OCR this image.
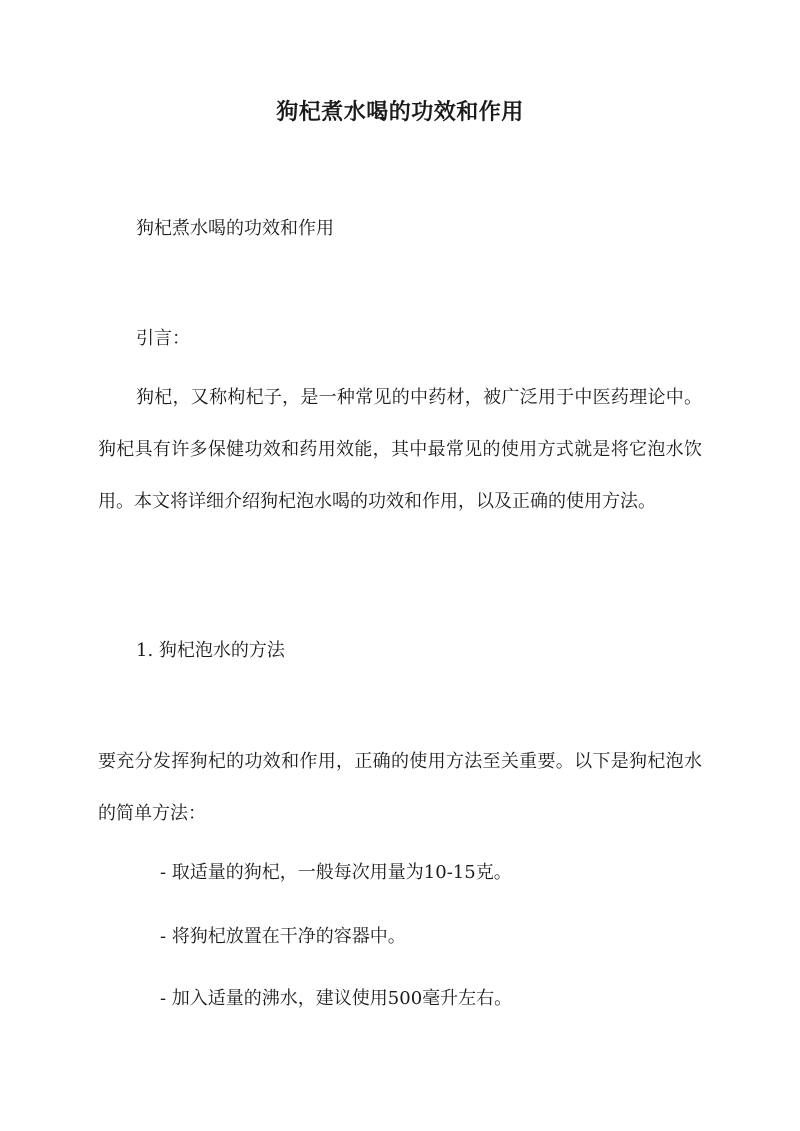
狗杞煮水喝的功效和作用
狗杞煮水喝的功效和作用
引言：
狗杞，又称枸杞子，是一种常见的中药材，被广泛用于中医药理论中。狗杞具有许多保健功效和药用效能，其中最常见的使用方式就是将它泡水饮用。本文将详细介绍狗杞泡水喝的功效和作用，以及正确的使用方法。
1. 狗杞泡水的方法
要充分发挥狗杞的功效和作用，正确的使用方法至关重要。以下是狗杞泡水的简单方法：
- 取适量的狗杞，一般每次用量为10-15克。
- 将狗杞放置在干净的容器中。
- 加入适量的沸水，建议使用500毫升左右。
